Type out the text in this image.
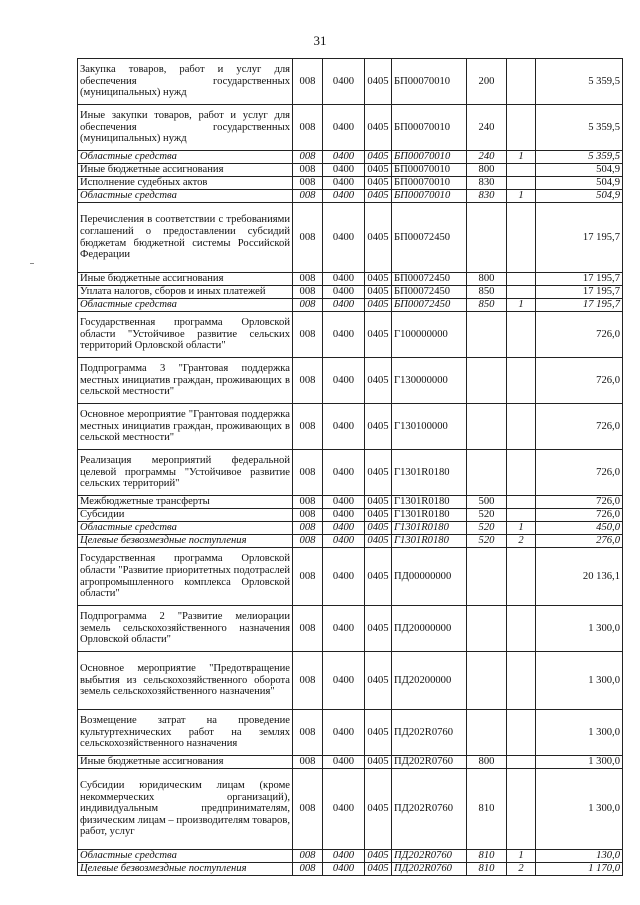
31
Закупка товаров, работ и услуг для обеспечения государственных (муниципальных) нужд	008	0400	0405	БП00070010	200		5 359,5
Иные закупки товаров, работ и услуг для обеспечения государственных (муниципальных) нужд	008	0400	0405	БП00070010	240		5 359,5
Областные средства	008	0400	0405	БП00070010	240	1	5 359,5
Иные бюджетные ассигнования	008	0400	0405	БП00070010	800		504,9
Исполнение судебных актов	008	0400	0405	БП00070010	830		504,9
Областные средства	008	0400	0405	БП00070010	830	1	504,9
Перечисления в соответствии с требованиями соглашений о предоставлении субсидий бюджетам бюджетной системы Российской Федерации	008	0400	0405	БП00072450			17 195,7
Иные бюджетные ассигнования	008	0400	0405	БП00072450	800		17 195,7
Уплата налогов, сборов и иных платежей	008	0400	0405	БП00072450	850		17 195,7
Областные средства	008	0400	0405	БП00072450	850	1	17 195,7
Государственная программа Орловской области "Устойчивое развитие сельских территорий Орловской области"	008	0400	0405	Г100000000			726,0
Подпрограмма 3 "Грантовая поддержка местных инициатив граждан, проживающих в сельской местности"	008	0400	0405	Г130000000			726,0
Основное мероприятие "Грантовая поддержка местных инициатив граждан, проживающих в сельской местности"	008	0400	0405	Г130100000			726,0
Реализация мероприятий федеральной целевой программы "Устойчивое развитие сельских территорий"	008	0400	0405	Г1301R0180			726,0
Межбюджетные трансферты	008	0400	0405	Г1301R0180	500		726,0
Субсидии	008	0400	0405	Г1301R0180	520		726,0
Областные средства	008	0400	0405	Г1301R0180	520	1	450,0
Целевые безвозмездные поступления	008	0400	0405	Г1301R0180	520	2	276,0
Государственная программа Орловской области "Развитие приоритетных подотраслей агропромышленного комплекса Орловской области"	008	0400	0405	ПД00000000			20 136,1
Подпрограмма 2 "Развитие мелиорации земель сельскохозяйственного назначения Орловской области"	008	0400	0405	ПД20000000			1 300,0
Основное мероприятие "Предотвращение выбытия из сельскохозяйственного оборота земель сельскохозяйственного назначения"	008	0400	0405	ПД20200000			1 300,0
Возмещение затрат на проведение культуртехнических работ на землях сельскохозяйственного назначения	008	0400	0405	ПД202R0760			1 300,0
Иные бюджетные ассигнования	008	0400	0405	ПД202R0760	800		1 300,0
Субсидии юридическим лицам (кроме некоммерческих организаций), индивидуальным предпринимателям, физическим лицам – производителям товаров, работ, услуг	008	0400	0405	ПД202R0760	810		1 300,0
Областные средства	008	0400	0405	ПД202R0760	810	1	130,0
Целевые безвозмездные поступления	008	0400	0405	ПД202R0760	810	2	1 170,0
